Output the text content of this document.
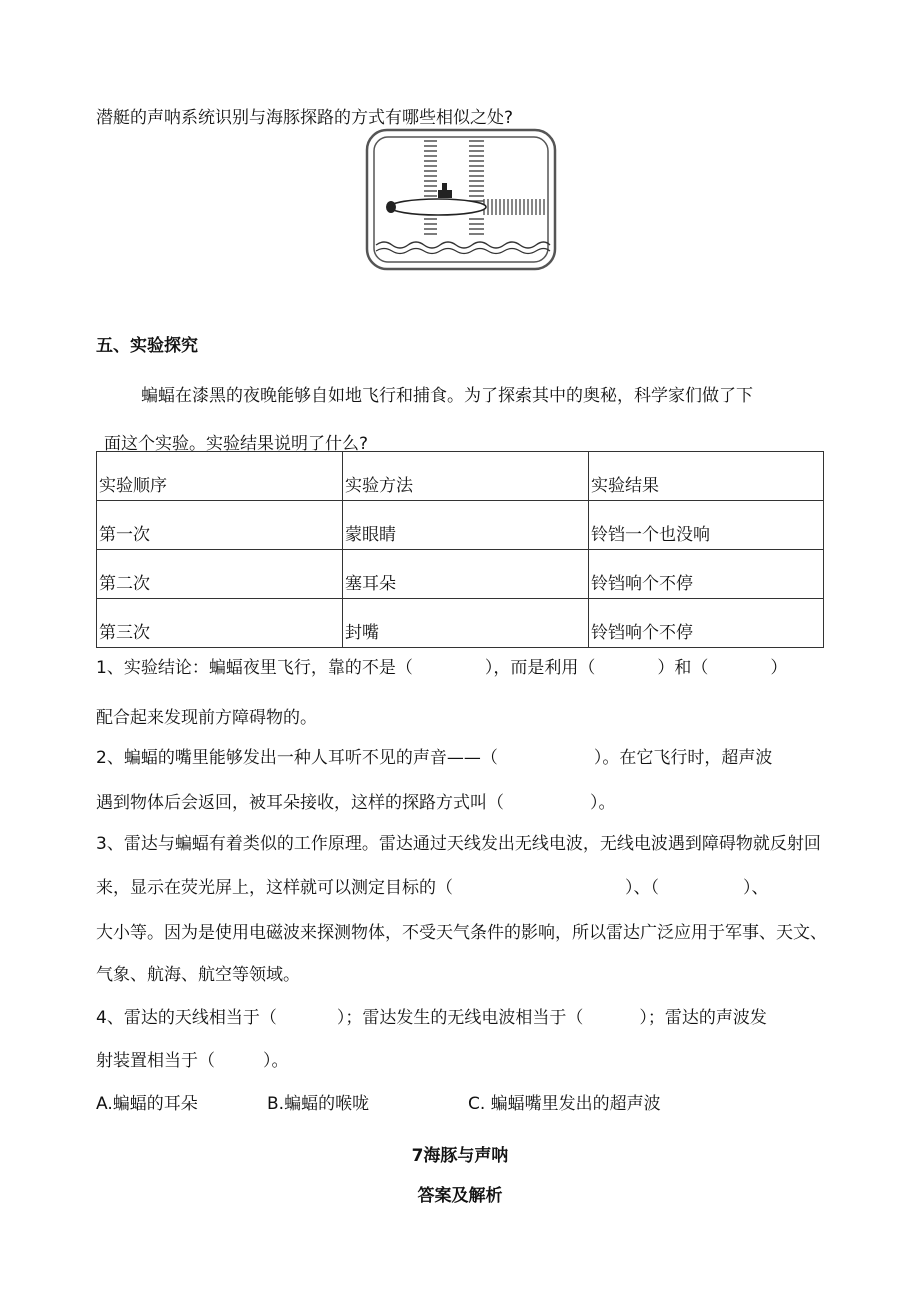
潜艇的声呐系统识别与海豚探路的方式有哪些相似之处?
五、实验探究
蝙蝠在漆黑的夜晚能够自如地飞行和捕食。为了探索其中的奥秘，科学家们做了下
面这个实验。实验结果说明了什么?
实验顺序	实验方法	实验结果
第一次	蒙眼睛	铃铛一个也没响
第二次	塞耳朵	铃铛响个不停
第三次	封嘴	铃铛响个不停
1、实验结论：蝙蝠夜里飞行，靠的不是（	），而是利用（	）和（	）
配合起来发现前方障碍物的。
2、蝙蝠的嘴里能够发出一种人耳听不见的声音——（	）。在它飞行时，超声波
遇到物体后会返回，被耳朵接收，这样的探路方式叫（	）。
3、雷达与蝙蝠有着类似的工作原理。雷达通过天线发出无线电波，无线电波遇到障碍物就反射回
来，显示在荧光屏上，这样就可以测定目标的（	）、（	）、
大小等。因为是使用电磁波来探测物体，不受天气条件的影响，所以雷达广泛应用于军事、天文、
气象、航海、航空等领域。
4、雷达的天线相当于（	）；雷达发生的无线电波相当于（	）；雷达的声波发
射装置相当于（	）。
A.蝙蝠的耳朵	B.蝙蝠的喉咙	C. 蝙蝠嘴里发出的超声波
7海豚与声呐
答案及解析
